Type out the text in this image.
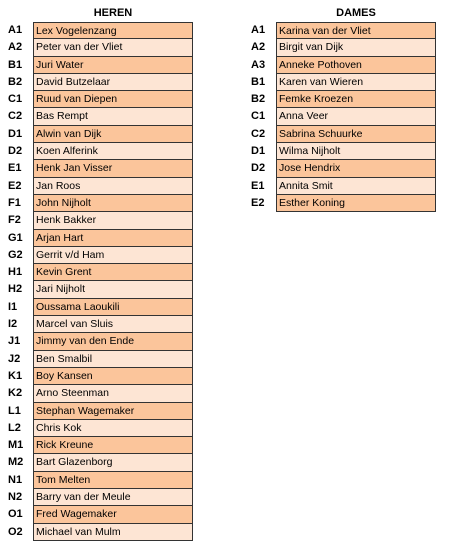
HEREN	DAMES
A1	Lex Vogelenzang
A2	Peter van der Vliet
B1	Juri Water
B2	David Butzelaar
C1	Ruud van Diepen
C2	Bas Rempt
D1	Alwin van Dijk
D2	Koen Alferink
E1	Henk Jan Visser
E2	Jan Roos
F1	John Nijholt
F2	Henk Bakker
G1	Arjan Hart
G2	Gerrit v/d Ham
H1	Kevin Grent
H2	Jari Nijholt
I1	Oussama Laoukili
I2	Marcel van Sluis
J1	Jimmy van den Ende
J2	Ben Smalbil
K1	Boy Kansen
K2	Arno Steenman
L1	Stephan Wagemaker
L2	Chris Kok
M1	Rick Kreune
M2	Bart Glazenborg
N1	Tom Melten
N2	Barry van der Meule
O1	Fred Wagemaker
O2	Michael van Mulm
A1	Karina van der Vliet
A2	Birgit van Dijk
A3	Anneke Pothoven
B1	Karen van Wieren
B2	Femke Kroezen
C1	Anna Veer
C2	Sabrina Schuurke
D1	Wilma Nijholt
D2	Jose Hendrix
E1	Annita Smit
E2	Esther Koning
